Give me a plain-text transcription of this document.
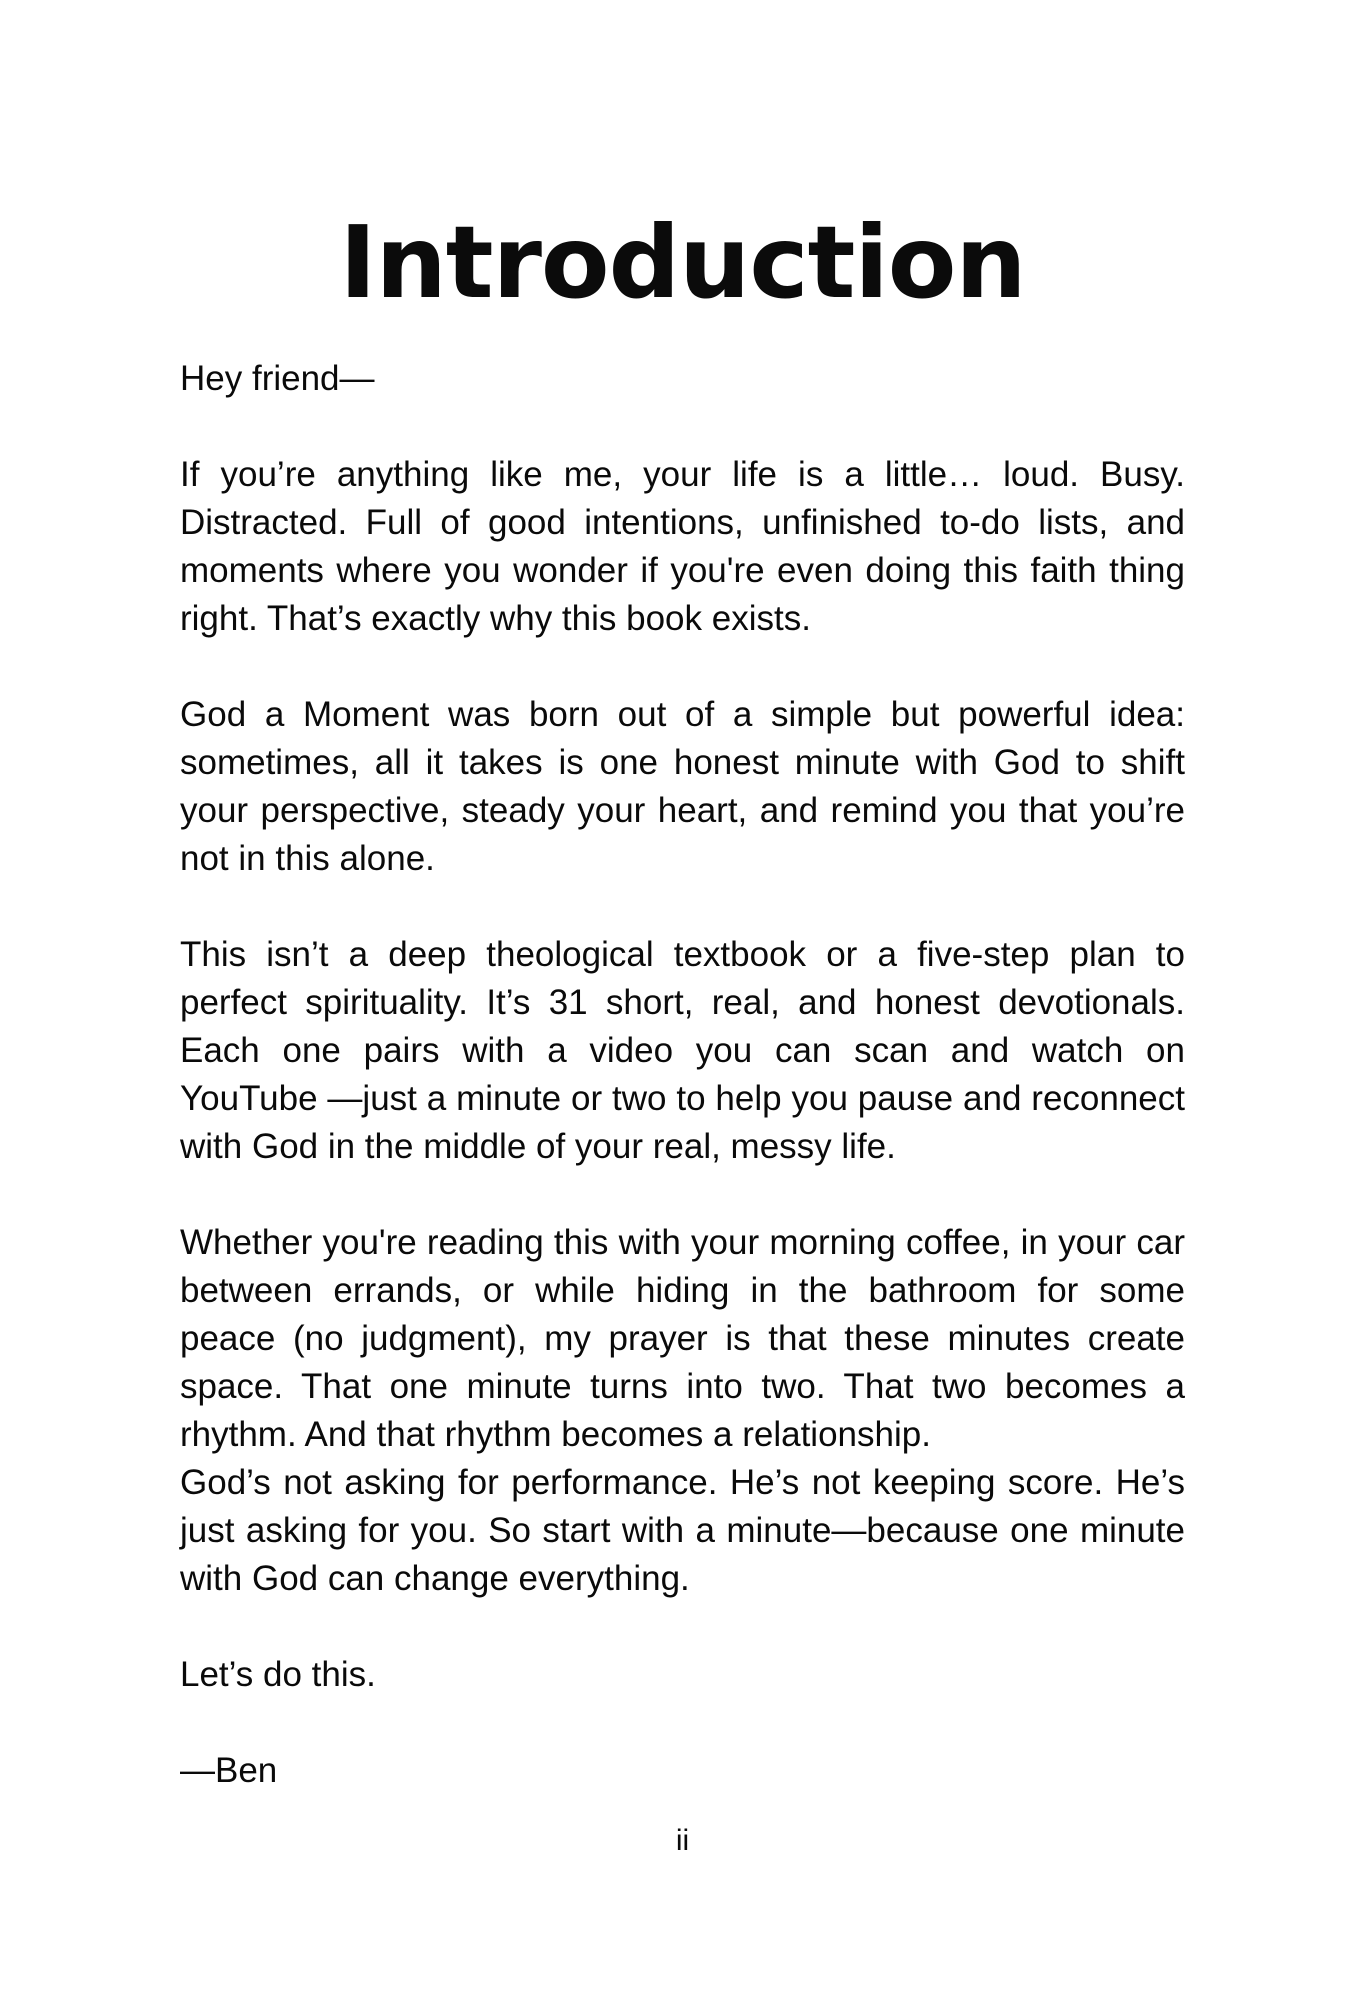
Introduction

Hey friend—

If you’re anything like me, your life is a little… loud. Busy. Distracted. Full of good intentions, unfinished to-do lists, and moments where you wonder if you're even doing this faith thing right. That’s exactly why this book exists.

God a Moment was born out of a simple but powerful idea: sometimes, all it takes is one honest minute with God to shift your perspective, steady your heart, and remind you that you’re not in this alone.

This isn’t a deep theological textbook or a five-step plan to perfect spirituality. It’s 31 short, real, and honest devotionals. Each one pairs with a video you can scan and watch on YouTube —just a minute or two to help you pause and reconnect with God in the middle of your real, messy life.

Whether you're reading this with your morning coffee, in your car between errands, or while hiding in the bathroom for some peace (no judgment), my prayer is that these minutes create space. That one minute turns into two. That two becomes a rhythm. And that rhythm becomes a relationship.

God’s not asking for performance. He’s not keeping score. He’s just asking for you. So start with a minute—because one minute with God can change everything.

Let’s do this.

—Ben

ii
